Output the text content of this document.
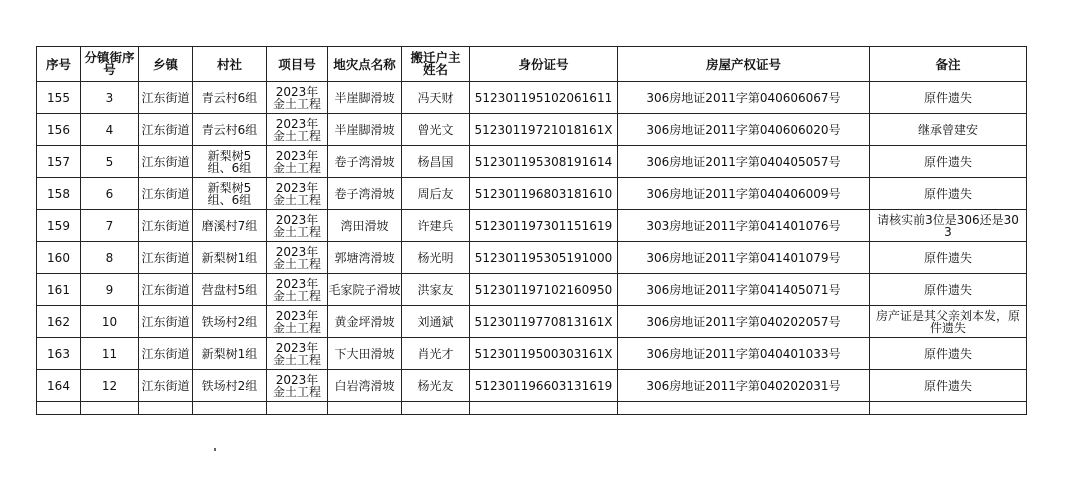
序号	分镇街序号	乡镇	村社	项目号	地灾点名称	搬迁户主姓名	身份证号	房屋产权证号	备注
155	3	江东街道	青云村6组	2023年金土工程	半崖脚滑坡	冯天财	512301195102061611	306房地证2011字第040606067号	原件遗失

156	4	江东街道	青云村6组	2023年金土工程	半崖脚滑坡	曾光文	51230119721018161X	306房地证2011字第040606020号	继承曾建安

157	5	江东街道	新梨树5组、6组	2023年金土工程	卷子湾滑坡	杨昌国	512301195308191614	306房地证2011字第040405057号	原件遗失

158	6	江东街道	新梨树5组、6组	2023年金土工程	卷子湾滑坡	周后友	512301196803181610	306房地证2011字第040406009号	原件遗失

159	7	江东街道	磨溪村7组	2023年金土工程	湾田滑坡	许建兵	512301197301151619	303房地证2011字第041401076号	请核实前3位是306还是303

160	8	江东街道	新梨树1组	2023年金土工程	郭塘湾滑坡	杨光明	512301195305191000	306房地证2011字第041401079号	原件遗失

161	9	江东街道	营盘村5组	2023年金土工程	毛家院子滑坡	洪家友	512301197102160950	306房地证2011字第041405071号	原件遗失

162	10	江东街道	铁场村2组	2023年金土工程	黄金坪滑坡	刘通斌	51230119770813161X	306房地证2011字第040202057号	房产证是其父亲刘本发，原件遗失

163	11	江东街道	新梨树1组	2023年金土工程	下大田滑坡	肖光才	51230119500303161X	306房地证2011字第040401033号	原件遗失

164	12	江东街道	铁场村2组	2023年金土工程	白岩湾滑坡	杨光友	512301196603131619	306房地证2011字第040202031号	原件遗失
